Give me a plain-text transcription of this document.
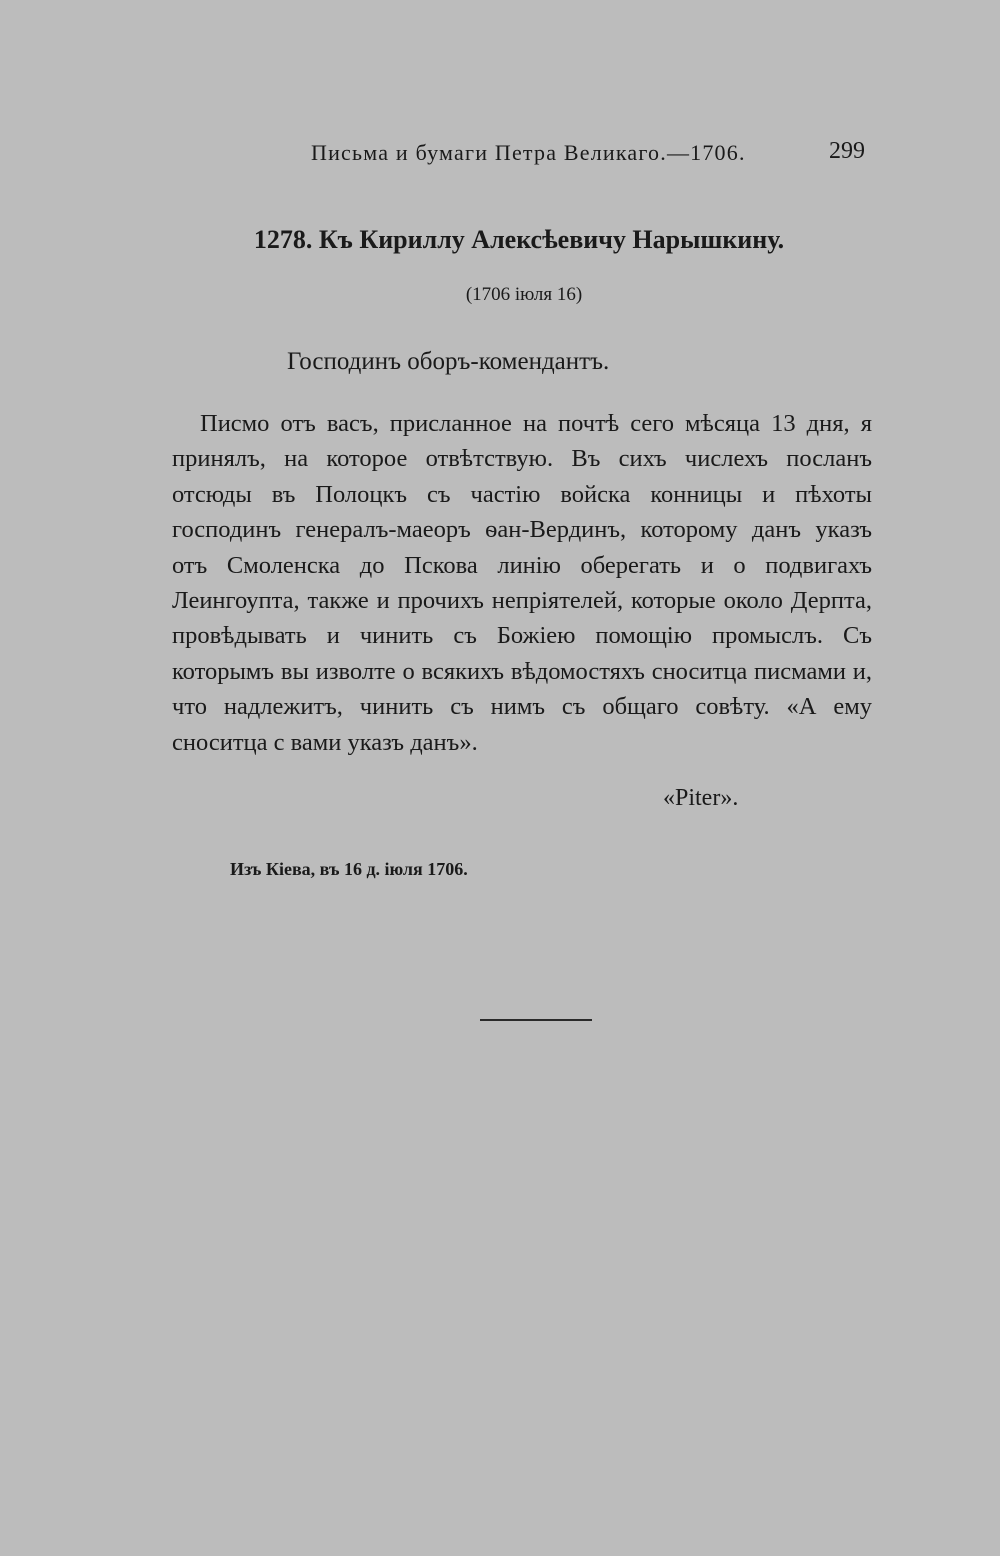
Письма и бумаги Петра Великаго.—1706.	299
1278. Къ Кириллу Алексѣевичу Нарышкину.
(1706 іюля 16)
Господинъ оборъ-комендантъ.
Писмо отъ васъ, присланное на почтѣ сего мѣсяца 13 дня, я принялъ, на которое отвѣтствую. Въ сихъ числехъ посланъ отсюды въ Полоцкъ съ частію войска конницы и пѣхоты господинъ генералъ-маеоръ ѳан-Вердинъ, которому данъ указъ отъ Смоленска до Пскова линію оберегать и о подвигахъ Леингоупта, также и прочихъ непріятелей, которые около Дерпта, провѣдывать и чинить съ Божіею помощію промыслъ. Съ которымъ вы изволте о всякихъ вѣдомостяхъ сноситца писмами и, что надлежитъ, чинить съ нимъ съ общаго совѣту. «А ему сноситца с вами указъ данъ».
«Piter».
Изъ Кіева, въ 16 д. іюля 1706.
